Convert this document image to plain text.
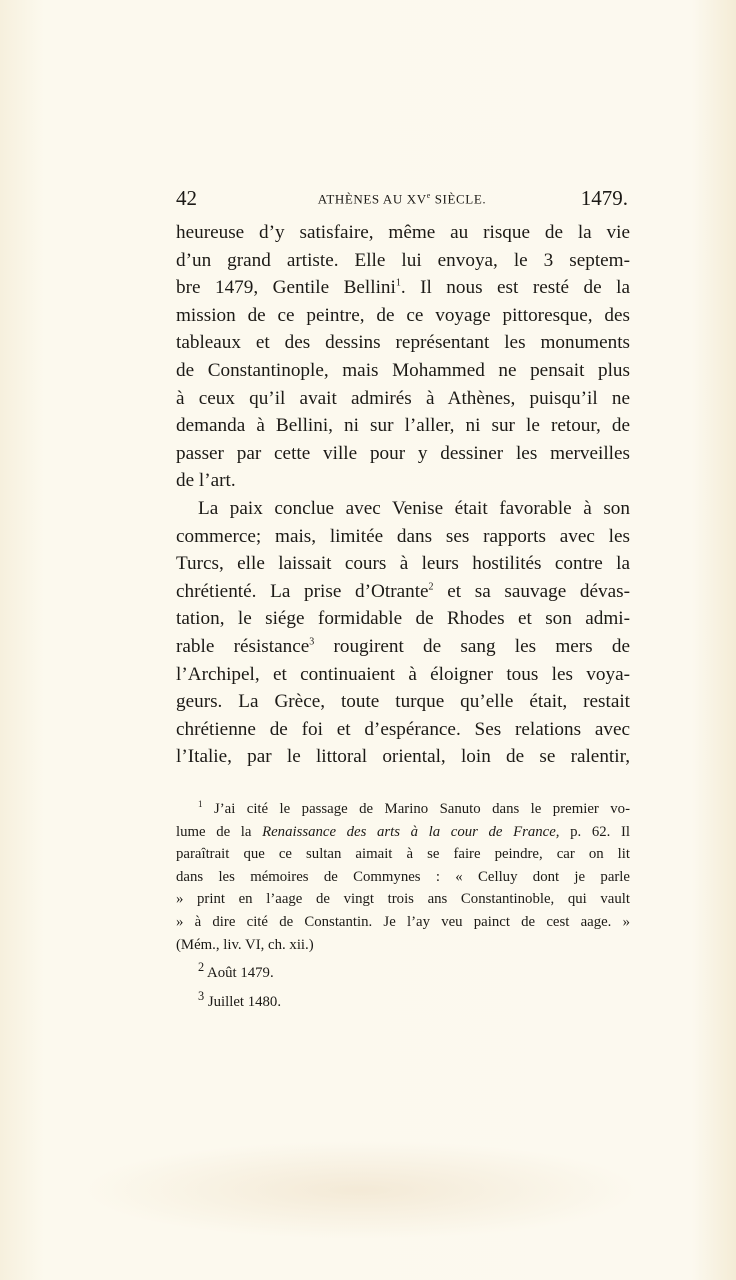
42	ATHÈNES AU XVe SIÈCLE.	1479.
heureuse d’y satisfaire, même au risque de la vie
d’un grand artiste. Elle lui envoya, le 3 septem-
bre 1479, Gentile Bellini$^1$. Il nous est resté de la
mission de ce peintre, de ce voyage pittoresque, des
tableaux et des dessins représentant les monuments
de Constantinople, mais Mohammed ne pensait plus
à ceux qu’il avait admirés à Athènes, puisqu’il ne
demanda à Bellini, ni sur l’aller, ni sur le retour, de
passer par cette ville pour y dessiner les merveilles
de l’art.
La paix conclue avec Venise était favorable à son
commerce; mais, limitée dans ses rapports avec les
Turcs, elle laissait cours à leurs hostilités contre la
chrétienté. La prise d’Otrante$^2$ et sa sauvage dévas-
tation, le siége formidable de Rhodes et son admi-
rable résistance$^3$ rougirent de sang les mers de
l’Archipel, et continuaient à éloigner tous les voya-
geurs. La Grèce, toute turque qu’elle était, restait
chrétienne de foi et d’espérance. Ses relations avec
l’Italie, par le littoral oriental, loin de se ralentir,
$^1$ J’ai cité le passage de Marino Sanuto dans le premier vo-
lume de la Renaissance des arts à la cour de France, p. 62. Il
paraîtrait que ce sultan aimait à se faire peindre, car on lit
dans les mémoires de Commynes : « Celluy dont je parle
» print en l’aage de vingt trois ans Constantinoble, qui vault
» à dire cité de Constantin. Je l’ay veu painct de cest aage. »
(Mém., liv. VI, ch. xii.)
$^2$ Août 1479.
$^3$ Juillet 1480.
